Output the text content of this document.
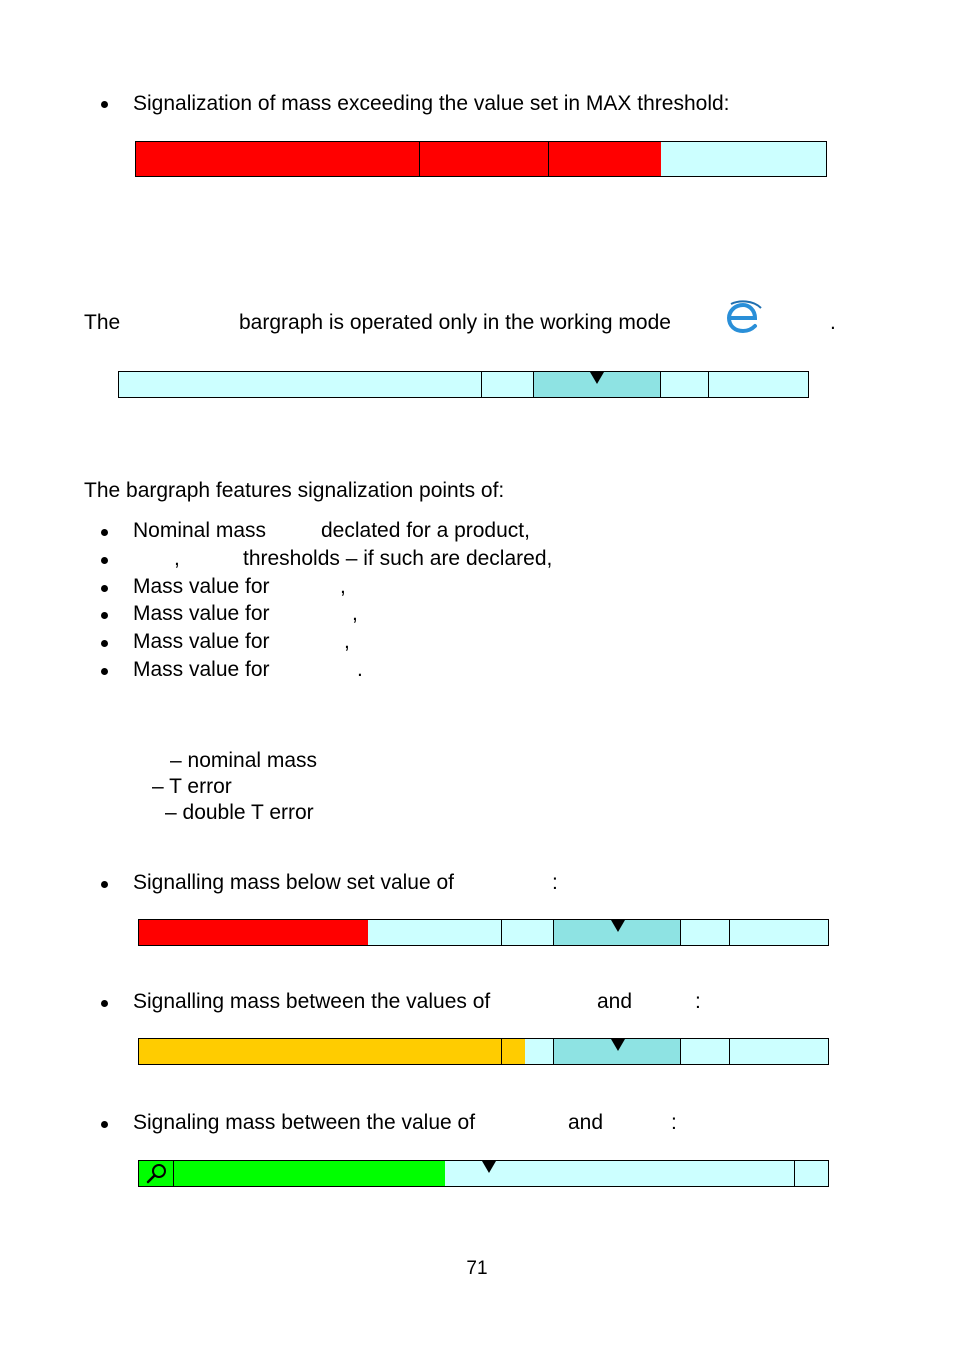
Signalization of mass exceeding the value set in MAX threshold:
The	bargraph is operated only in the working mode	.
The bargraph features signalization points of:
Nominal mass	declated for a product,
,	thresholds – if such are declared,
Mass value for	,
Mass value for	,
Mass value for	,
Mass value for	.
– nominal mass
– T error
– double T error
Signalling mass below set value of	:
Signalling mass between the values of	and	:
Signaling mass between the value of	and	:
71
